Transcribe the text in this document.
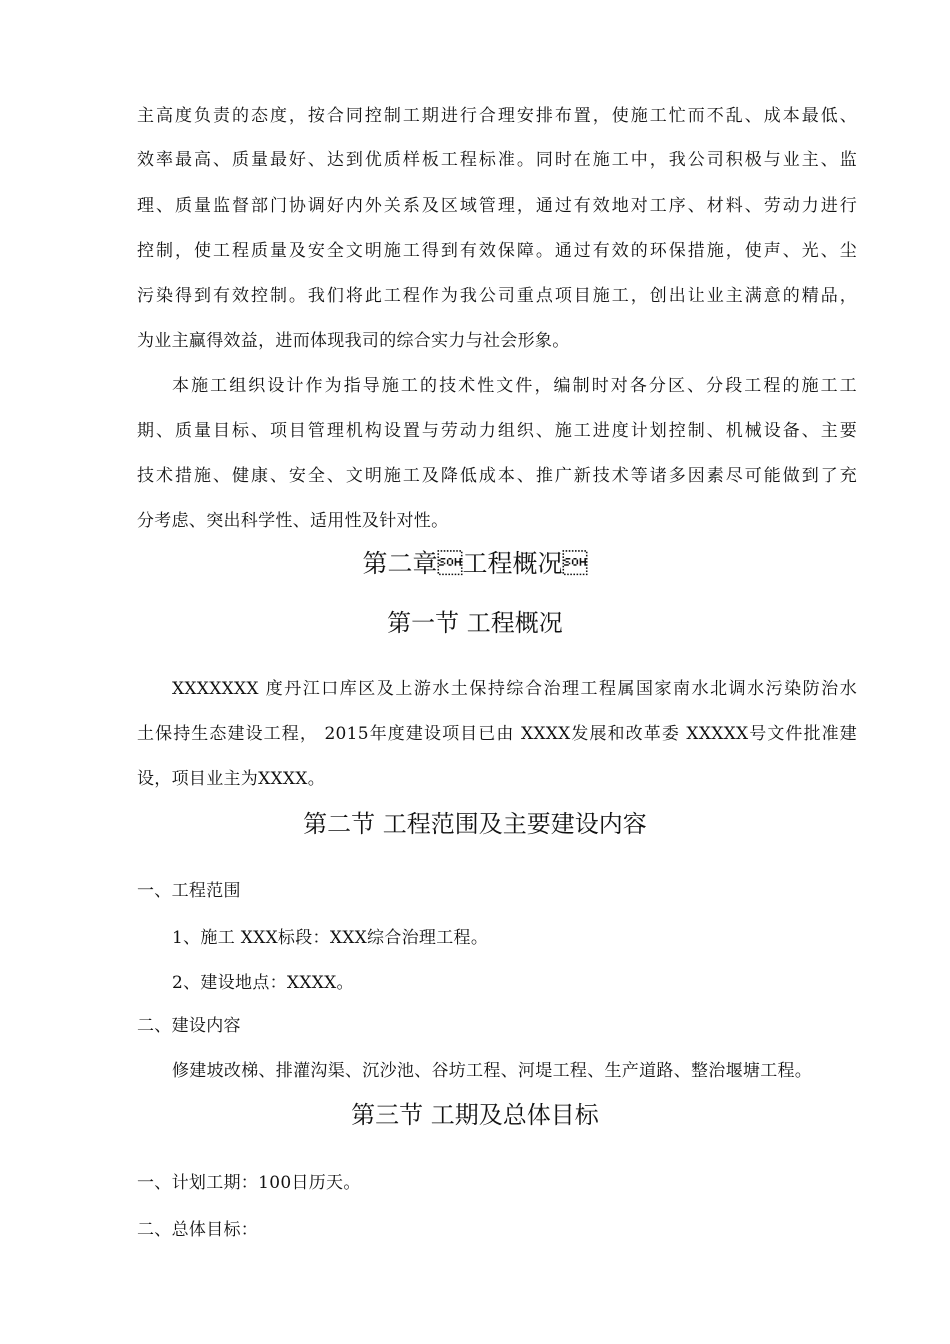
主高度负责的态度，按合同控制工期进行合理安排布置，使施工忙而不乱、成本最低、
效率最高、质量最好、达到优质样板工程标准。同时在施工中，我公司积极与业主、监
理、质量监督部门协调好内外关系及区域管理，通过有效地对工序、材料、劳动力进行
控制，使工程质量及安全文明施工得到有效保障。通过有效的环保措施，使声、光、尘
污染得到有效控制。我们将此工程作为我公司重点项目施工，创出让业主满意的精品，
为业主赢得效益，进而体现我司的综合实力与社会形象。
本施工组织设计作为指导施工的技术性文件，编制时对各分区、分段工程的施工工
期、质量目标、项目管理机构设置与劳动力组织、施工进度计划控制、机械设备、主要
技术措施、健康、安全、文明施工及降低成本、推广新技术等诸多因素尽可能做到了充
分考虑、突出科学性、适用性及针对性。
第二章工程概况
第一节 工程概况
XXXXXXX 度丹江口库区及上游水土保持综合治理工程属国家南水北调水污染防治水
土保持生态建设工程， 2015年度建设项目已由 XXXX发展和改革委 XXXXX号文件批准建
设，项目业主为XXXX。
第二节 工程范围及主要建设内容
一、工程范围
1、施工 XXX标段：XXX综合治理工程。
2、建设地点：XXXX。
二、建设内容
修建坡改梯、排灌沟渠、沉沙池、谷坊工程、河堤工程、生产道路、整治堰塘工程。
第三节 工期及总体目标
一、计划工期：100日历天。
二、总体目标：
